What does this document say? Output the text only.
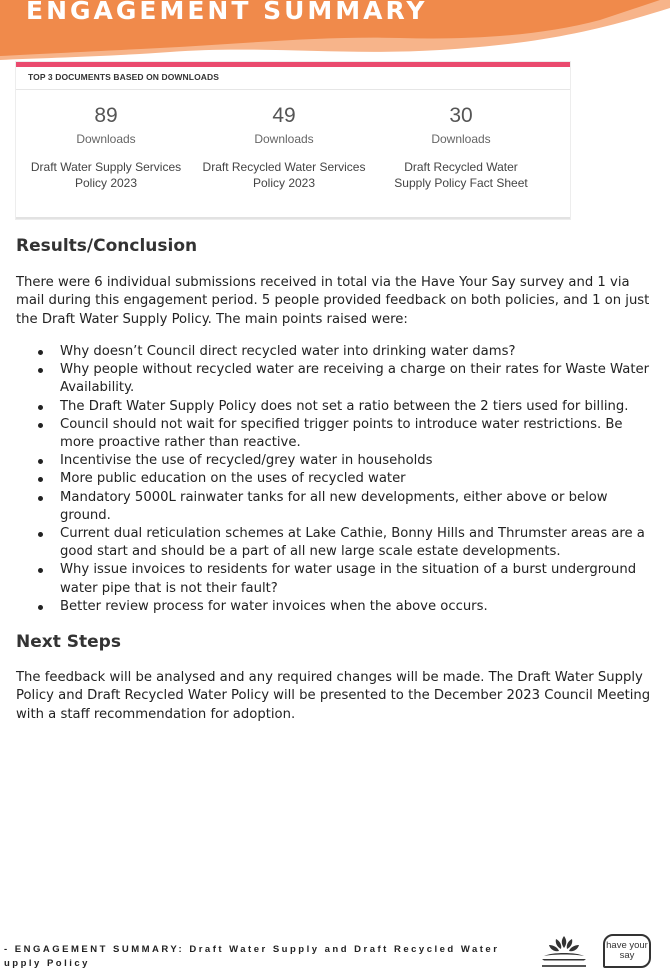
ENGAGEMENT SUMMARY
TOP 3 DOCUMENTS BASED ON DOWNLOADS
89
Downloads
Draft Water Supply Services Policy 2023
49
Downloads
Draft Recycled Water Services Policy 2023
30
Downloads
Draft Recycled Water Supply Policy Fact Sheet
Results/Conclusion

There were 6 individual submissions received in total via the Have Your Say survey and 1 via mail during this engagement period. 5 people provided feedback on both policies, and 1 on just the Draft Water Supply Policy. The main points raised were:

Why doesn’t Council direct recycled water into drinking water dams?
Why people without recycled water are receiving a charge on their rates for Waste Water Availability.
The Draft Water Supply Policy does not set a ratio between the 2 tiers used for billing.
Council should not wait for specified trigger points to introduce water restrictions. Be more proactive rather than reactive.
Incentivise the use of recycled/grey water in households
More public education on the uses of recycled water
Mandatory 5000L rainwater tanks for all new developments, either above or below ground.
Current dual reticulation schemes at Lake Cathie, Bonny Hills and Thrumster areas are a good start and should be a part of all new large scale estate developments.
Why issue invoices to residents for water usage in the situation of a burst underground water pipe that is not their fault?
Better review process for water invoices when the above occurs.
Next Steps

The feedback will be analysed and any required changes will be made. The Draft Water Supply Policy and Draft Recycled Water Policy will be presented to the December 2023 Council Meeting with a staff recommendation for adoption.

- ENGAGEMENT SUMMARY: Draft Water Supply and Draft Recycled Water
upply Policy
have your say
